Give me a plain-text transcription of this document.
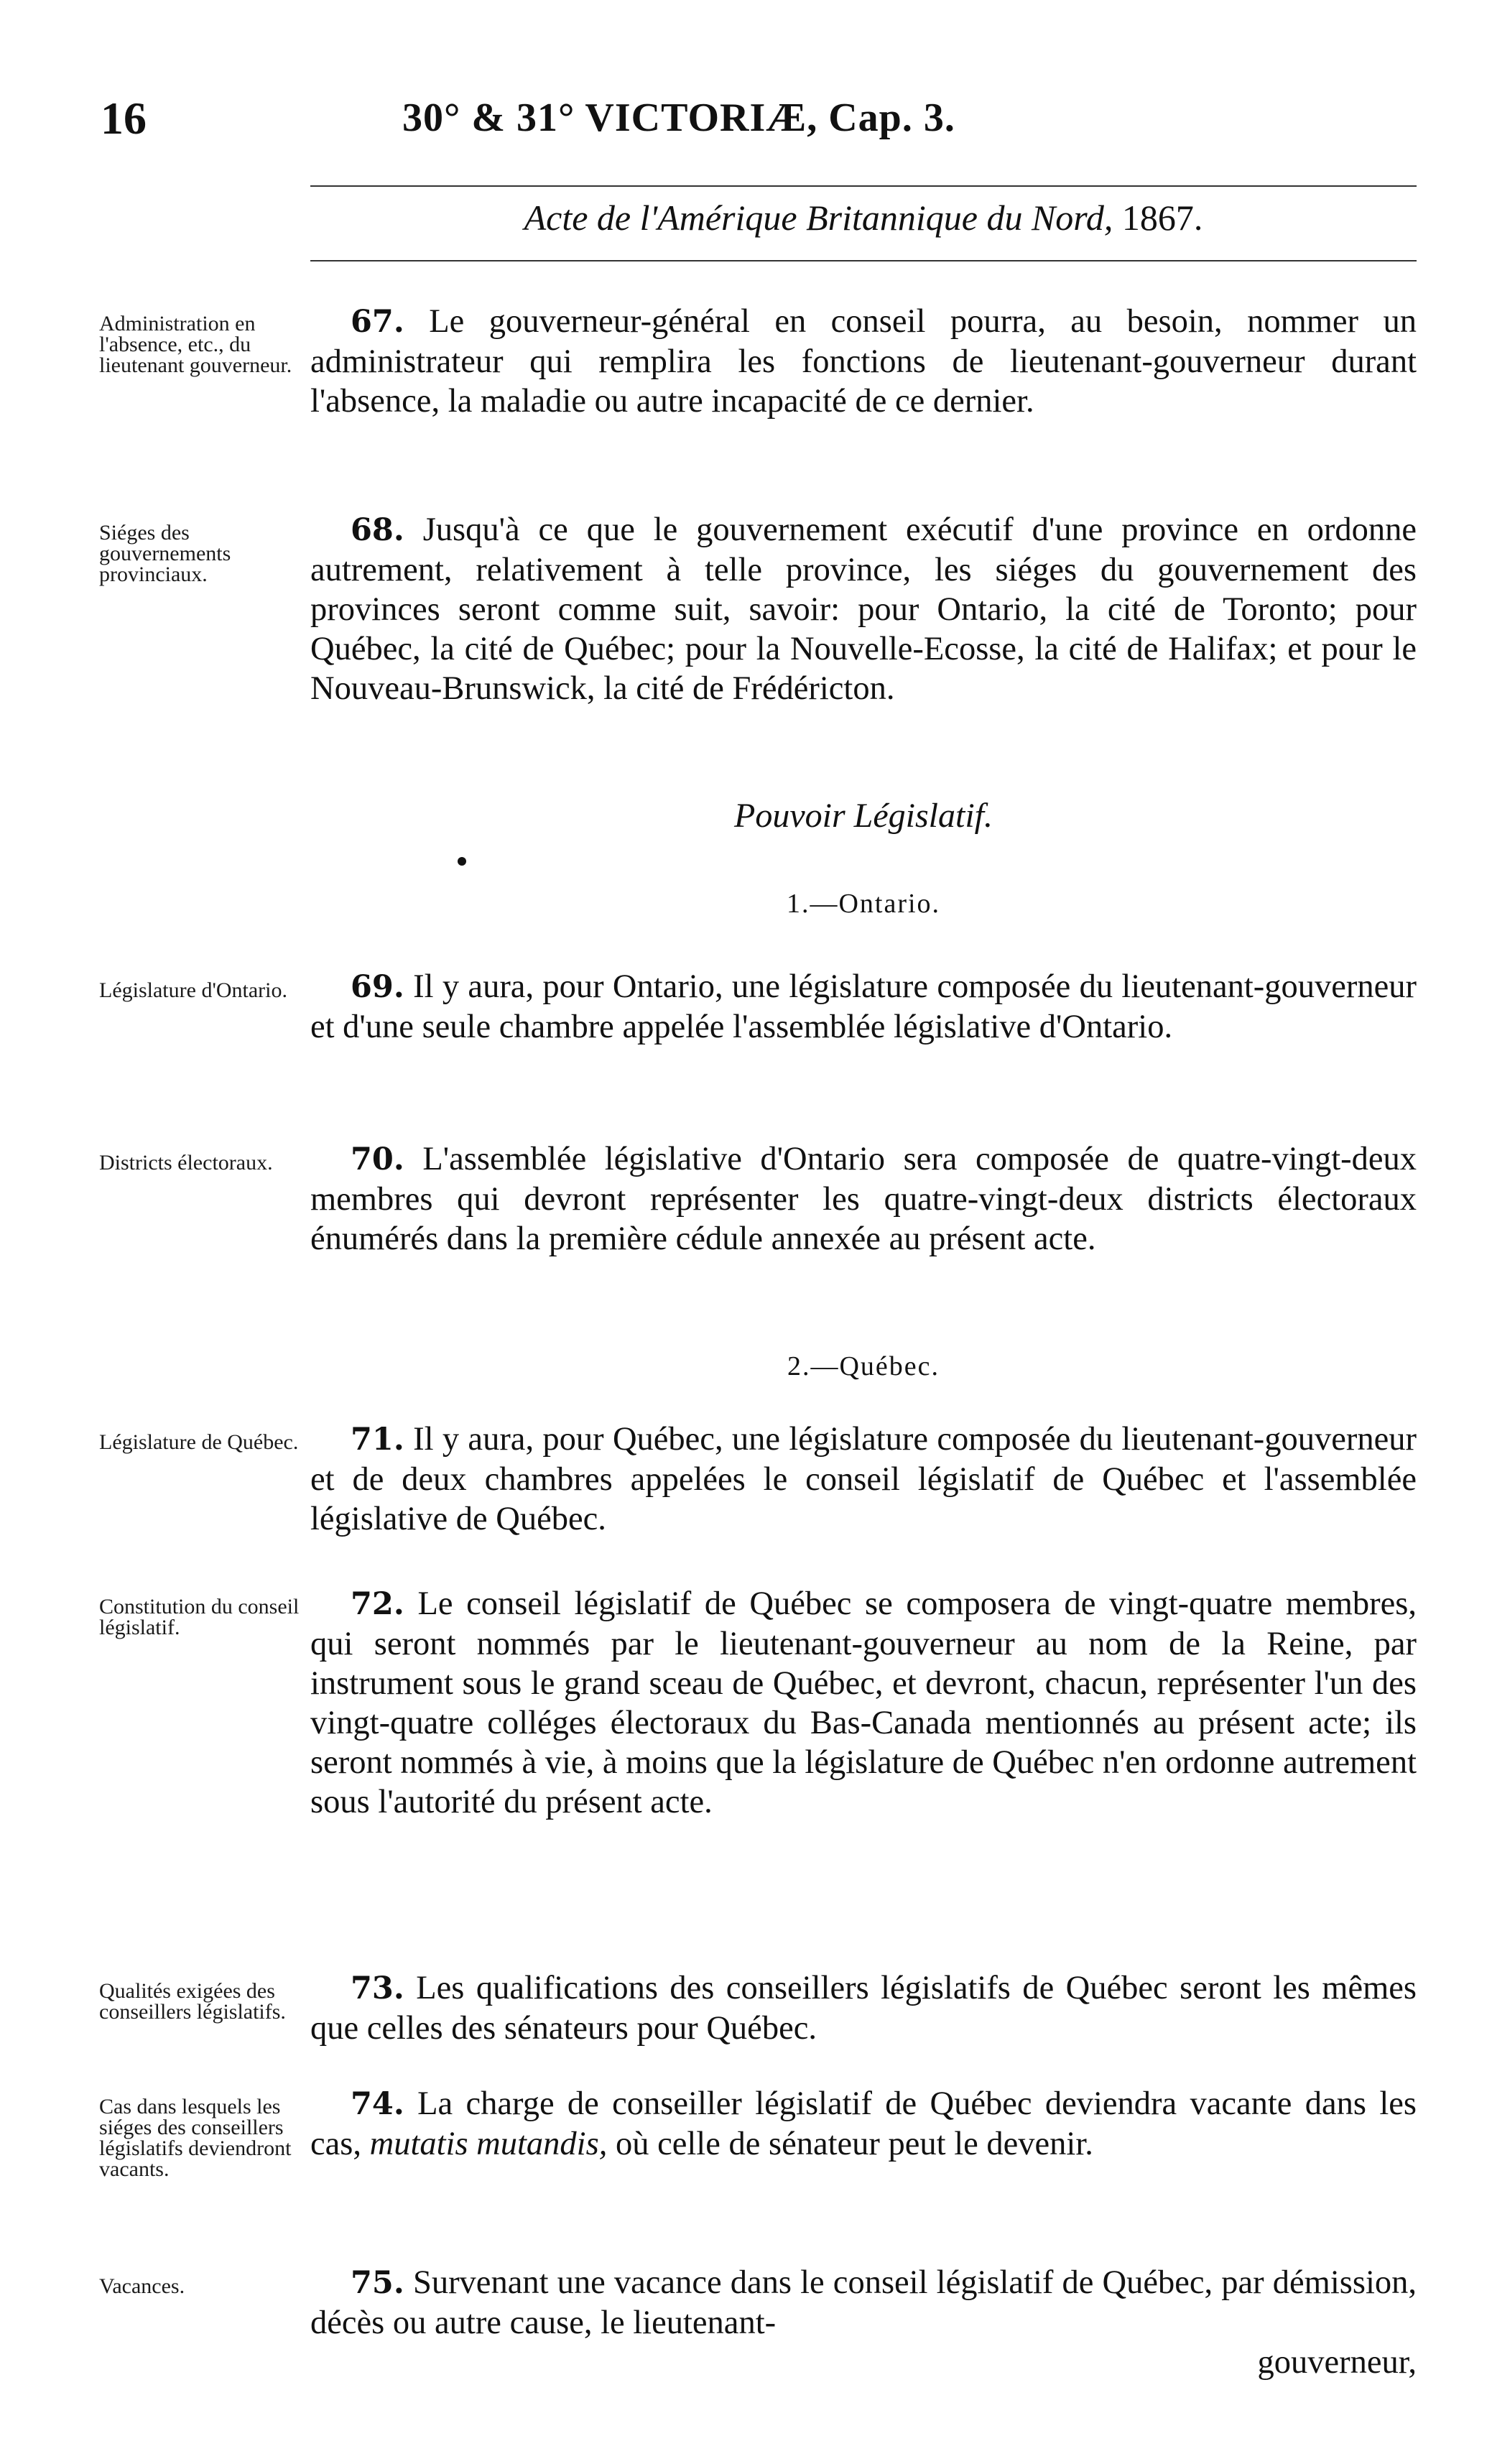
16	30° & 31° VICTORIÆ, Cap. 3.
Acte de l'Amérique Britannique du Nord, 1867.
Administration en l'absence, etc., du lieutenant gouverneur.
Siéges des gouvernements provinciaux.
Législature d'Ontario.
Districts électoraux.
Législature de Québec.
Constitution du conseil législatif.
Qualités exigées des conseillers législatifs.
Cas dans lesquels les siéges des conseillers législatifs deviendront vacants.
Vacances.
67. Le gouverneur-général en conseil pourra, au besoin, nommer un administrateur qui remplira les fonctions de lieutenant-gouverneur durant l'absence, la maladie ou autre incapacité de ce dernier.
68. Jusqu'à ce que le gouvernement exécutif d'une province en ordonne autrement, relativement à telle province, les siéges du gouvernement des provinces seront comme suit, savoir: pour Ontario, la cité de Toronto; pour Québec, la cité de Québec; pour la Nouvelle-Ecosse, la cité de Halifax; et pour le Nouveau-Brunswick, la cité de Frédéricton.
Pouvoir Législatif.
1.—Ontario.
69. Il y aura, pour Ontario, une législature composée du lieutenant-gouverneur et d'une seule chambre appelée l'assemblée législative d'Ontario.
70. L'assemblée législative d'Ontario sera composée de quatre-vingt-deux membres qui devront représenter les quatre-vingt-deux districts électoraux énumérés dans la première cédule annexée au présent acte.
2.—Québec.
71. Il y aura, pour Québec, une législature composée du lieutenant-gouverneur et de deux chambres appelées le conseil législatif de Québec et l'assemblée législative de Québec.
72. Le conseil législatif de Québec se composera de vingt-quatre membres, qui seront nommés par le lieutenant-gouverneur au nom de la Reine, par instrument sous le grand sceau de Québec, et devront, chacun, représenter l'un des vingt-quatre colléges électoraux du Bas-Canada mentionnés au présent acte; ils seront nommés à vie, à moins que la législature de Québec n'en ordonne autrement sous l'autorité du présent acte.
73. Les qualifications des conseillers législatifs de Québec seront les mêmes que celles des sénateurs pour Québec.
74. La charge de conseiller législatif de Québec deviendra vacante dans les cas, mutatis mutandis, où celle de sénateur peut le devenir.
75. Survenant une vacance dans le conseil législatif de Québec, par démission, décès ou autre cause, le lieutenant-
gouverneur,
